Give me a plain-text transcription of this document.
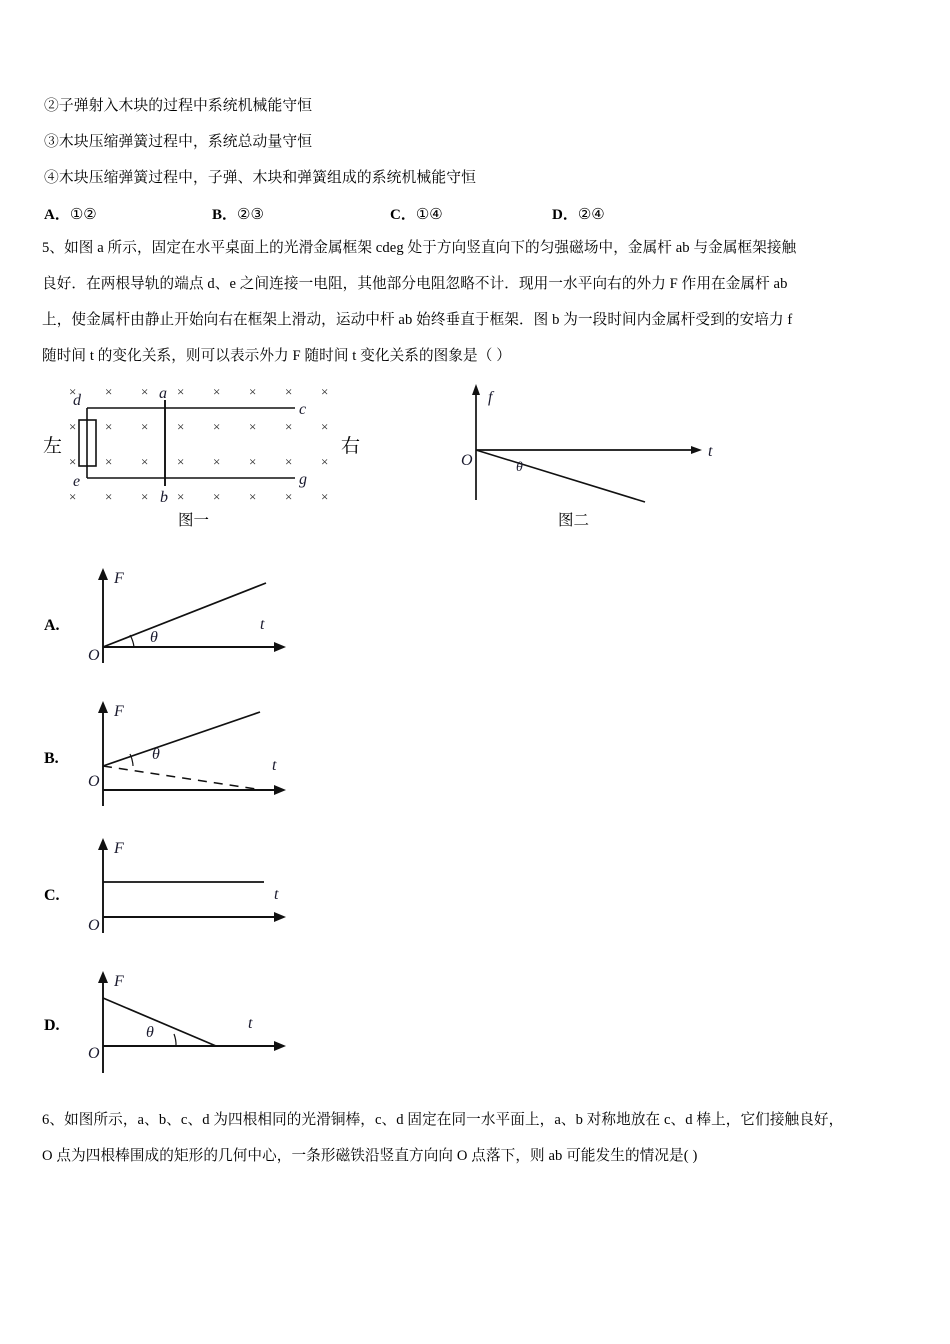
②子弹射入木块的过程中系统机械能守恒
③木块压缩弹簧过程中，系统总动量守恒
④木块压缩弹簧过程中，子弹、木块和弹簧组成的系统机械能守恒
A．①②	B．②③	C．①④	D．②④
5、如图 a 所示，固定在水平桌面上的光滑金属框架 cdeg 处于方向竖直向下的匀强磁场中，金属杆 ab 与金属框架接触
良好．在两根导轨的端点 d、e 之间连接一电阻，其他部分电阻忽略不计．现用一水平向右的外力 F 作用在金属杆 ab
上，使金属杆由静止开始向右在框架上滑动，运动中杆 ab 始终垂直于框架．图 b 为一段时间内金属杆受到的安培力 f
随时间 t 的变化关系，则可以表示外力 F 随时间 t 变化关系的图象是（ ）
× × × × × × × ×
× × × × × × × ×
× × × × × × × ×
× × × × × × × ×
d	a
c
e
b
g
左	右
图一
f
t
O	θ
图二
A.
F
t
O
θ
B.
F
t
O
θ
C.
F
t
O
D.
F
t
O
θ
6、如图所示，a、b、c、d 为四根相同的光滑铜棒，c、d 固定在同一水平面上，a、b 对称地放在 c、d 棒上，它们接触良好，
O 点为四根棒围成的矩形的几何中心，一条形磁铁沿竖直方向向 O 点落下，则 ab 可能发生的情况是( )
